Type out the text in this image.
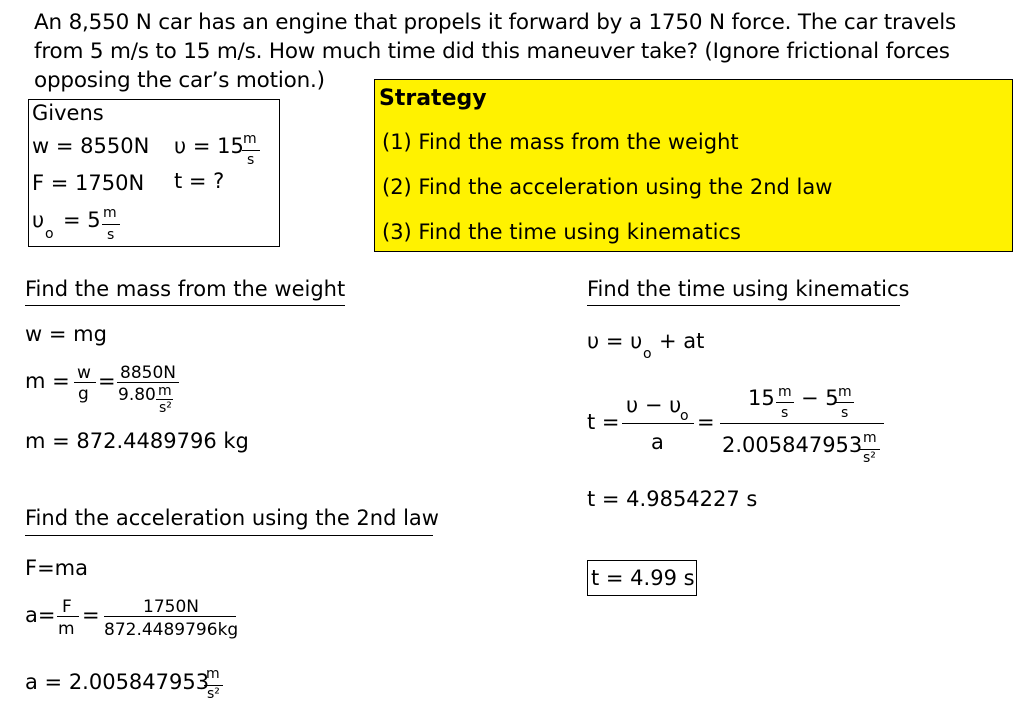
An 8,550 N car has an engine that propels it forward by a 1750 N force. The car travels
from 5 m/s to 15 m/s. How much time did this maneuver take? (Ignore frictional forces
opposing the car’s motion.)
Givens
w = 8550N υ = 15 m
s
F = 1750N t = ?
υ
o
= 5 m
s
Strategy
(1) Find the mass from the weight
(2) Find the acceleration using the 2nd law
(3) Find the time using kinematics
Find the mass from the weight
w = mg
m = w
g
= 8850N
9.80 m
s²
m = 872.4489796 kg
Find the acceleration using the 2nd law
F=ma
a= F
m
=	1750N
872.4489796kg
a = 2.005847953
m
s²
Find the time using kinematics
υ = υ
o
+ at
t =
υ − υ
o
a
=
15 m
s
− 5 m
s
2.005847953 m
s²
t = 4.9854227 s
t = 4.99 s
